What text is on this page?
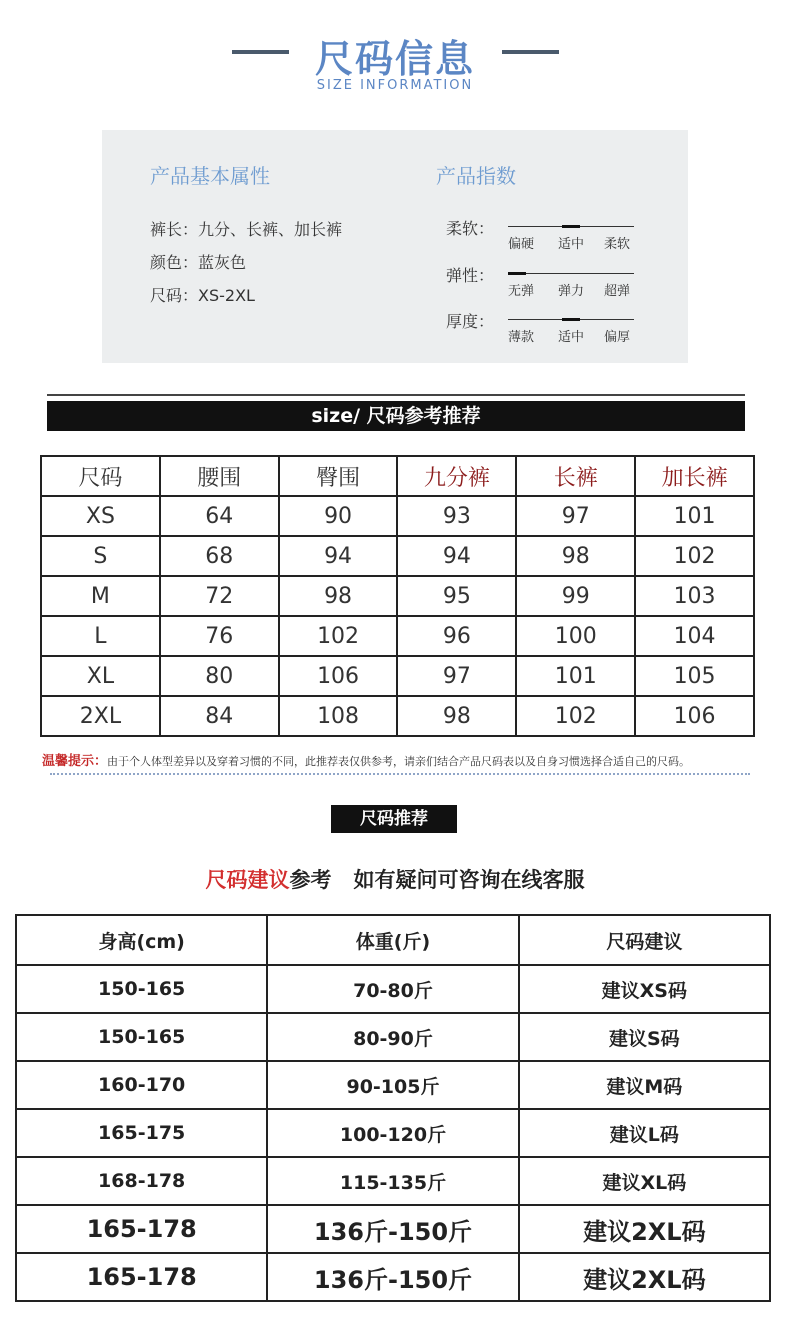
尺码信息
SIZE INFORMATION
产品基本属性
裤长：九分、长裤、加长裤
颜色：蓝灰色
尺码：XS-2XL
产品指数
柔软：
偏硬 适中 柔软
弹性：
无弹 弹力 超弹
厚度：
薄款 适中 偏厚
size/ 尺码参考推荐
尺码	腰围	臀围	九分裤	长裤	加长裤
XS	64	90	93	97	101
S	68	94	94	98	102
M	72	98	95	99	103
L	76	102	96	100	104
XL	80	106	97	101	105
2XL	84	108	98	102	106
温馨提示：由于个人体型差异以及穿着习惯的不同，此推荐表仅供参考，请亲们结合产品尺码表以及自身习惯选择合适自己的尺码。
尺码推荐
尺码建议参考   如有疑问可咨询在线客服
身高(cm)	体重(斤)	尺码建议
150-165	70-80斤	建议XS码
150-165	80-90斤	建议S码
160-170	90-105斤	建议M码
165-175	100-120斤	建议L码
168-178	115-135斤	建议XL码
165-178	136斤-150斤	建议2XL码
165-178	136斤-150斤	建议2XL码
